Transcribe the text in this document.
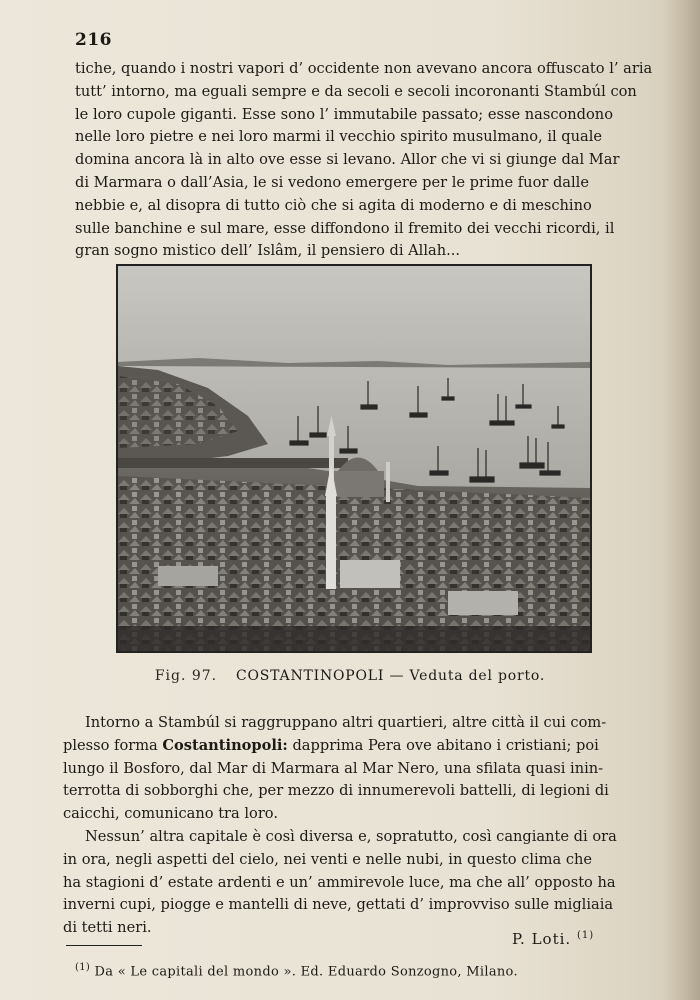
216

tiche, quando i nostri vapori d’ occidente non avevano ancora offuscato l’ aria
tutt’ intorno, ma eguali sempre e da secoli e secoli incoronanti Stambúl con
le loro cupole giganti. Esse sono l’ immutabile passato; esse nascondono
nelle loro pietre e nei loro marmi il vecchio spirito musulmano, il quale
domina ancora là in alto ove esse si levano. Allor che vi si giunge dal Mar
di Marmara o dall’Asia, le si vedono emergere per le prime fuor dalle
nebbie e, al disopra di tutto ciò che si agita di moderno e di meschino
sulle banchine e sul mare, esse diffondono il fremito dei vecchi ricordi, il
gran sogno mistico dell’ Islâm, il pensiero di Allah...

Fig. 97. COSTANTINOPOLI — Veduta del porto.

Intorno a Stambúl si raggruppano altri quartieri, altre città il cui com-
plesso forma Costantinopoli: dapprima Pera ove abitano i cristiani; poi
lungo il Bosforo, dal Mar di Marmara al Mar Nero, una sfilata quasi inin-
terrotta di sobborghi che, per mezzo di innumerevoli battelli, di legioni di
caicchi, comunicano tra loro.

Nessun’ altra capitale è così diversa e, sopratutto, così cangiante di ora
in ora, negli aspetti del cielo, nei venti e nelle nubi, in questo clima che
ha stagioni d’ estate ardenti e un’ ammirevole luce, ma che all’ opposto ha
inverni cupi, piogge e mantelli di neve, gettati d’ improvviso sulle migliaia
di tetti neri.

P. Loti. $^{(1)}$
$^{(1)}$ Da « Le capitali del mondo ». Ed. Eduardo Sonzogno, Milano.
